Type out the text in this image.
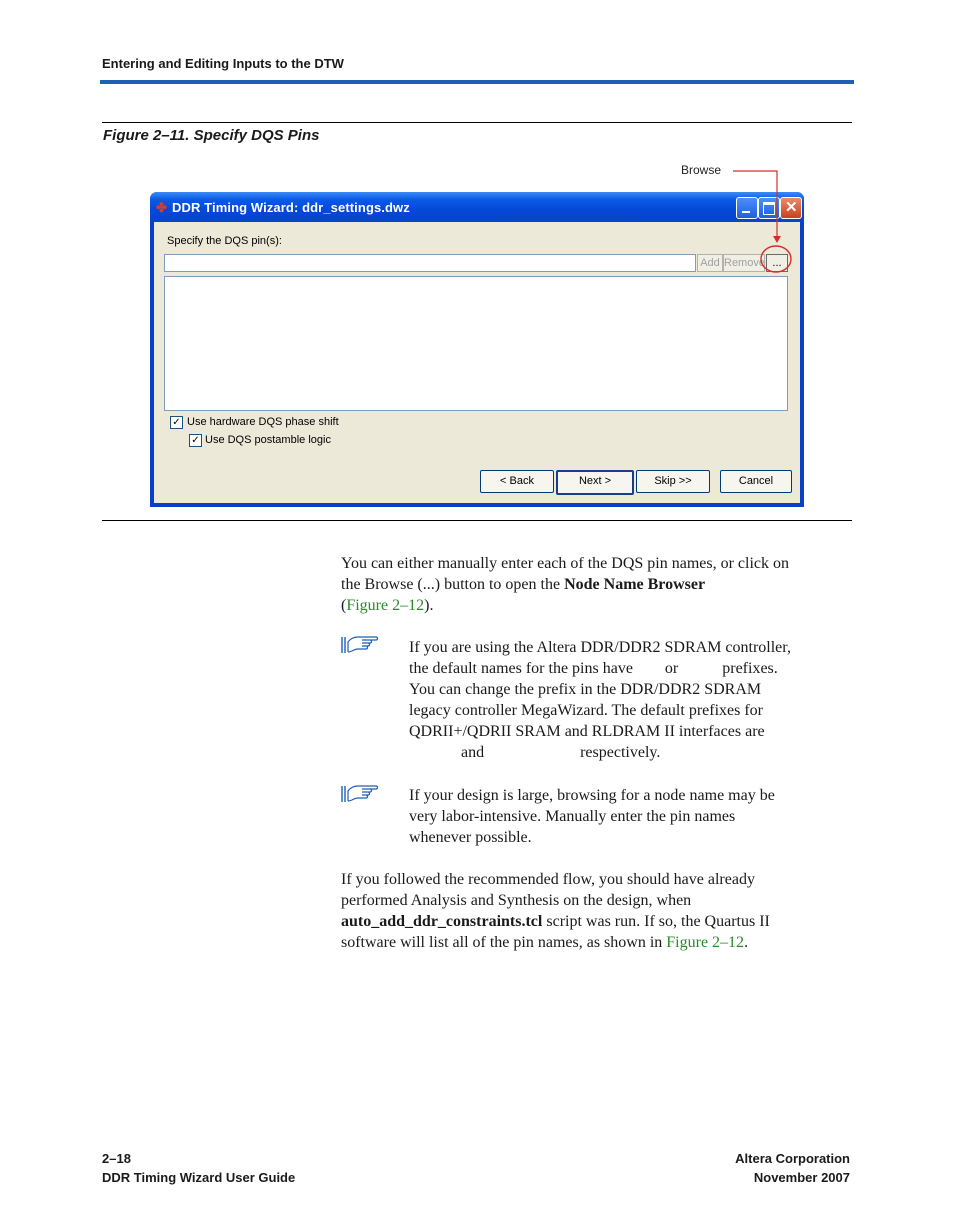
Entering and Editing Inputs to the DTW
Figure 2–11. Specify DQS Pins
Browse
✤ DDR Timing Wizard: ddr_settings.dwz	✕
Specify the DQS pin(s):
Add Remove ...
✓ Use hardware DQS phase shift
✓ Use DQS postamble logic
< Back	Next >	Skip >>	Cancel
You can either manually enter each of the DQS pin names, or click on
the Browse (...) button to open the Node Name Browser
(Figure 2–12).
If you are using the Altera DDR/DDR2 SDRAM controller,
the default names for the pins have        or           prefixes.
You can change the prefix in the DDR/DDR2 SDRAM
legacy controller MegaWizard. The default prefixes for
QDRII+/QDRII SRAM and RLDRAM II interfaces are
and                        respectively.
If your design is large, browsing for a node name may be
very labor-intensive. Manually enter the pin names
whenever possible.
If you followed the recommended flow, you should have already
performed Analysis and Synthesis on the design, when
auto_add_ddr_constraints.tcl script was run. If so, the Quartus II
software will list all of the pin names, as shown in Figure 2–12.
2–18
DDR Timing Wizard User Guide
Altera Corporation
November 2007
